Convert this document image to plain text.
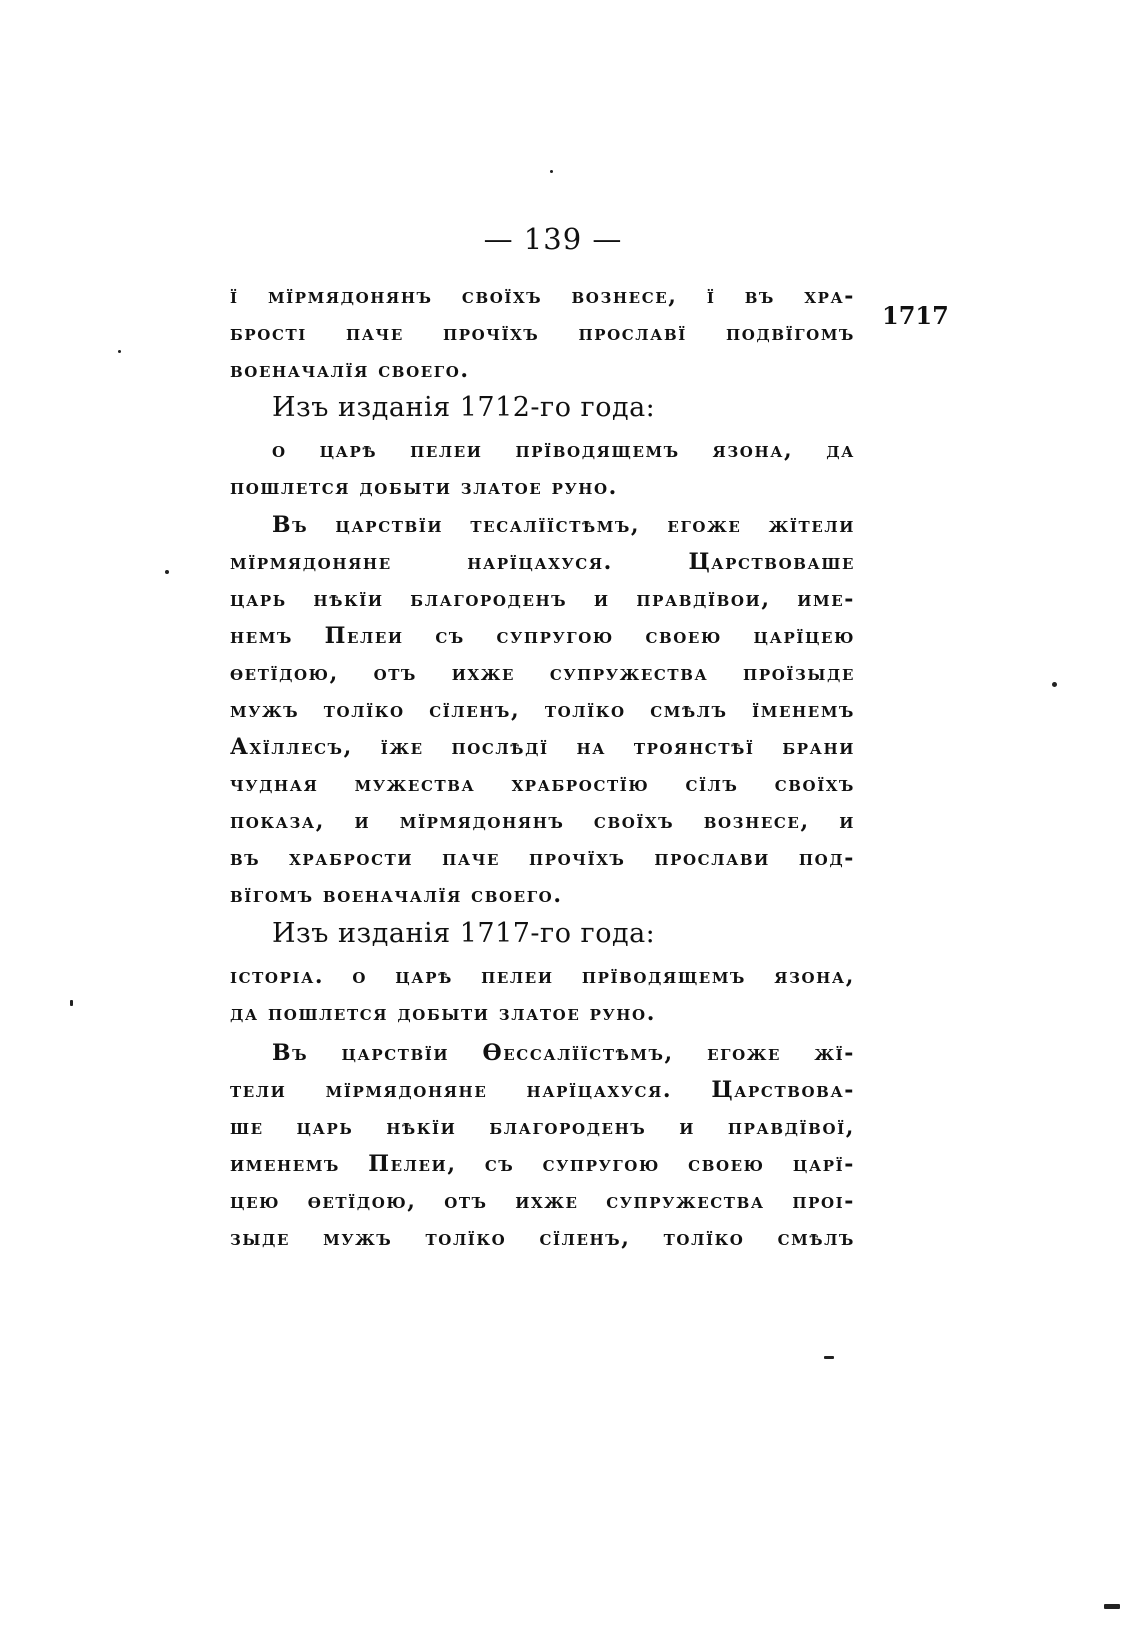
— 139 —
1717
ї мїрмядонянъ своїхъ вознесе, ї въ хра-
брості паче прочїхъ прославї подвїгомъ
военачалїя своего.
Изъ изданія 1712-го года:
о царѣ пелеи прїводящемъ язона, да
пошлется добыти златое руно.
Въ царствїи тесалїїстѣмъ, егоже жїтели
мїрмядоняне нарїцахуся. Царствоваше
царь нѣкїи благороденъ и правдївои, име-
немъ Пелеи съ супругою своею царїцею
ѳетїдою, отъ ихже супружества проїзыде
мужъ толїко сїленъ, толїко смѣлъ їменемъ
Ахїллесъ, їже послѣдї на троянстѣї брани
чудная мужества храбростїю сїлъ своїхъ
показа, и мїрмядонянъ своїхъ вознесе, и
въ храбрости паче прочїхъ прослави под-
вїгомъ военачалїя своего.
Изъ изданія 1717-го года:
історіа. о царѣ пелеи прїводящемъ язона,
да пошлется добыти златое руно.
Въ царствїи Ѳессалїїстѣмъ, егоже жї-
тели мїрмядоняне нарїцахуся. Царствова-
ше царь нѣкїи благороденъ и правдївої,
именемъ Пелеи, съ супругою своею царї-
цею ѳетїдою, отъ ихже супружества проі-
зыде мужъ толїко сїленъ, толїко смѣлъ
